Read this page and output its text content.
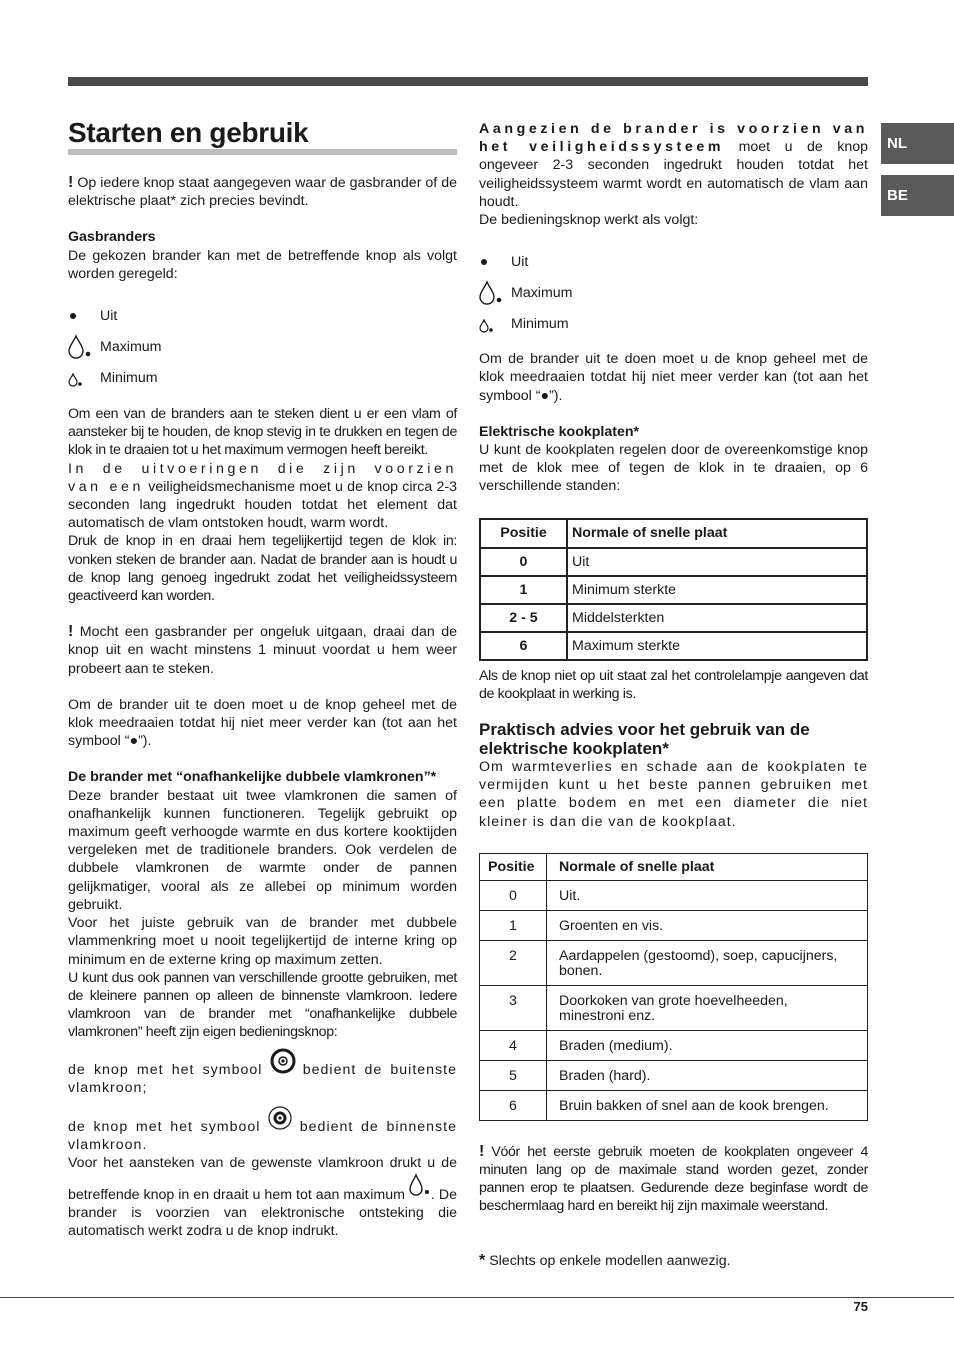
NL
BE
Starten en gebruik

! Op iedere knop staat aangegeven waar de gasbrander of de elektrische plaat* zich precies bevindt.

Gasbranders

De gekozen brander kan met de betreffende knop als volgt worden geregeld:

Uit
Maximum
Minimum

Om een van de branders aan te steken dient u er een vlam of aansteker bij te houden, de knop stevig in te drukken en tegen de klok in te draaien tot u het maximum vermogen heeft bereikt.

In de uitvoeringen die zijn voorzien van een veiligheidsmechanisme moet u de knop circa 2-3 seconden lang ingedrukt houden totdat het element dat automatisch de vlam ontstoken houdt, warm wordt.

Druk de knop in en draai hem tegelijkertijd tegen de klok in: vonken steken de brander aan. Nadat de brander aan is houdt u de knop lang genoeg ingedrukt zodat het veiligheidssysteem geactiveerd kan worden.

! Mocht een gasbrander per ongeluk uitgaan, draai dan de knop uit en wacht minstens 1 minuut voordat u hem weer probeert aan te steken.

Om de brander uit te doen moet u de knop geheel met de klok meedraaien totdat hij niet meer verder kan (tot aan het symbool “●”).

De brander met “onafhankelijke dubbele vlamkronen”*

Deze brander bestaat uit twee vlamkronen die samen of onafhankelijk kunnen functioneren. Tegelijk gebruikt op maximum geeft verhoogde warmte en dus kortere kooktijden vergeleken met de traditionele branders. Ook verdelen de dubbele vlamkronen de warmte onder de pannen gelijkmatiger, vooral als ze allebei op minimum worden gebruikt.

Voor het juiste gebruik van de brander met dubbele vlammenkring moet u nooit tegelijkertijd de interne kring op minimum en de externe kring op maximum zetten.

U kunt dus ook pannen van verschillende grootte gebruiken, met de kleinere pannen op alleen de binnenste vlamkroon. Iedere vlamkroon van de brander met “onafhankelijke dubbele vlamkronen” heeft zijn eigen bedieningsknop:

de knop met het symbool	bedient de buitenste vlamkroon;

de knop met het symbool	bedient de binnenste vlamkroon.

Voor het aansteken van de gewenste vlamkroon drukt u de betreffende knop in en draait u hem tot aan maximum . De brander is voorzien van elektronische ontsteking die automatisch werkt zodra u de knop indrukt.

Aangezien de brander is voorzien van het veiligheidssysteem moet u de knop ongeveer 2-3 seconden ingedrukt houden totdat het veiligheidssysteem warmt wordt en automatisch de vlam aan houdt.

De bedieningsknop werkt als volgt:

Uit
Maximum
Minimum

Om de brander uit te doen moet u de knop geheel met de klok meedraaien totdat hij niet meer verder kan (tot aan het symbool “●”).

Elektrische kookplaten*

U kunt de kookplaten regelen door de overeenkomstige knop met de klok mee of tegen de klok in te draaien, op 6 verschillende standen:

Positie	Normale of snelle plaat
0	Uit
1	Minimum sterkte
2 - 5	Middelsterkten
6	Maximum sterkte

Als de knop niet op uit staat zal het controlelampje aangeven dat de kookplaat in werking is.

Praktisch advies voor het gebruik van de elektrische kookplaten*

Om warmteverlies en schade aan de kookplaten te vermijden kunt u het beste pannen gebruiken met een platte bodem en met een diameter die niet kleiner is dan die van de kookplaat.

Positie	Normale of snelle plaat
0	Uit.
1	Groenten en vis.
2	Aardappelen (gestoomd), soep, capucijners, bonen.
3	Doorkoken van grote hoevelheeden, minestroni enz.
4	Braden (medium).
5	Braden (hard).
6	Bruin bakken of snel aan de kook brengen.

! Vóór het eerste gebruik moeten de kookplaten ongeveer 4 minuten lang op de maximale stand worden gezet, zonder pannen erop te plaatsen. Gedurende deze beginfase wordt de beschermlaag hard en bereikt hij zijn maximale weerstand.

* Slechts op enkele modellen aanwezig.

75
